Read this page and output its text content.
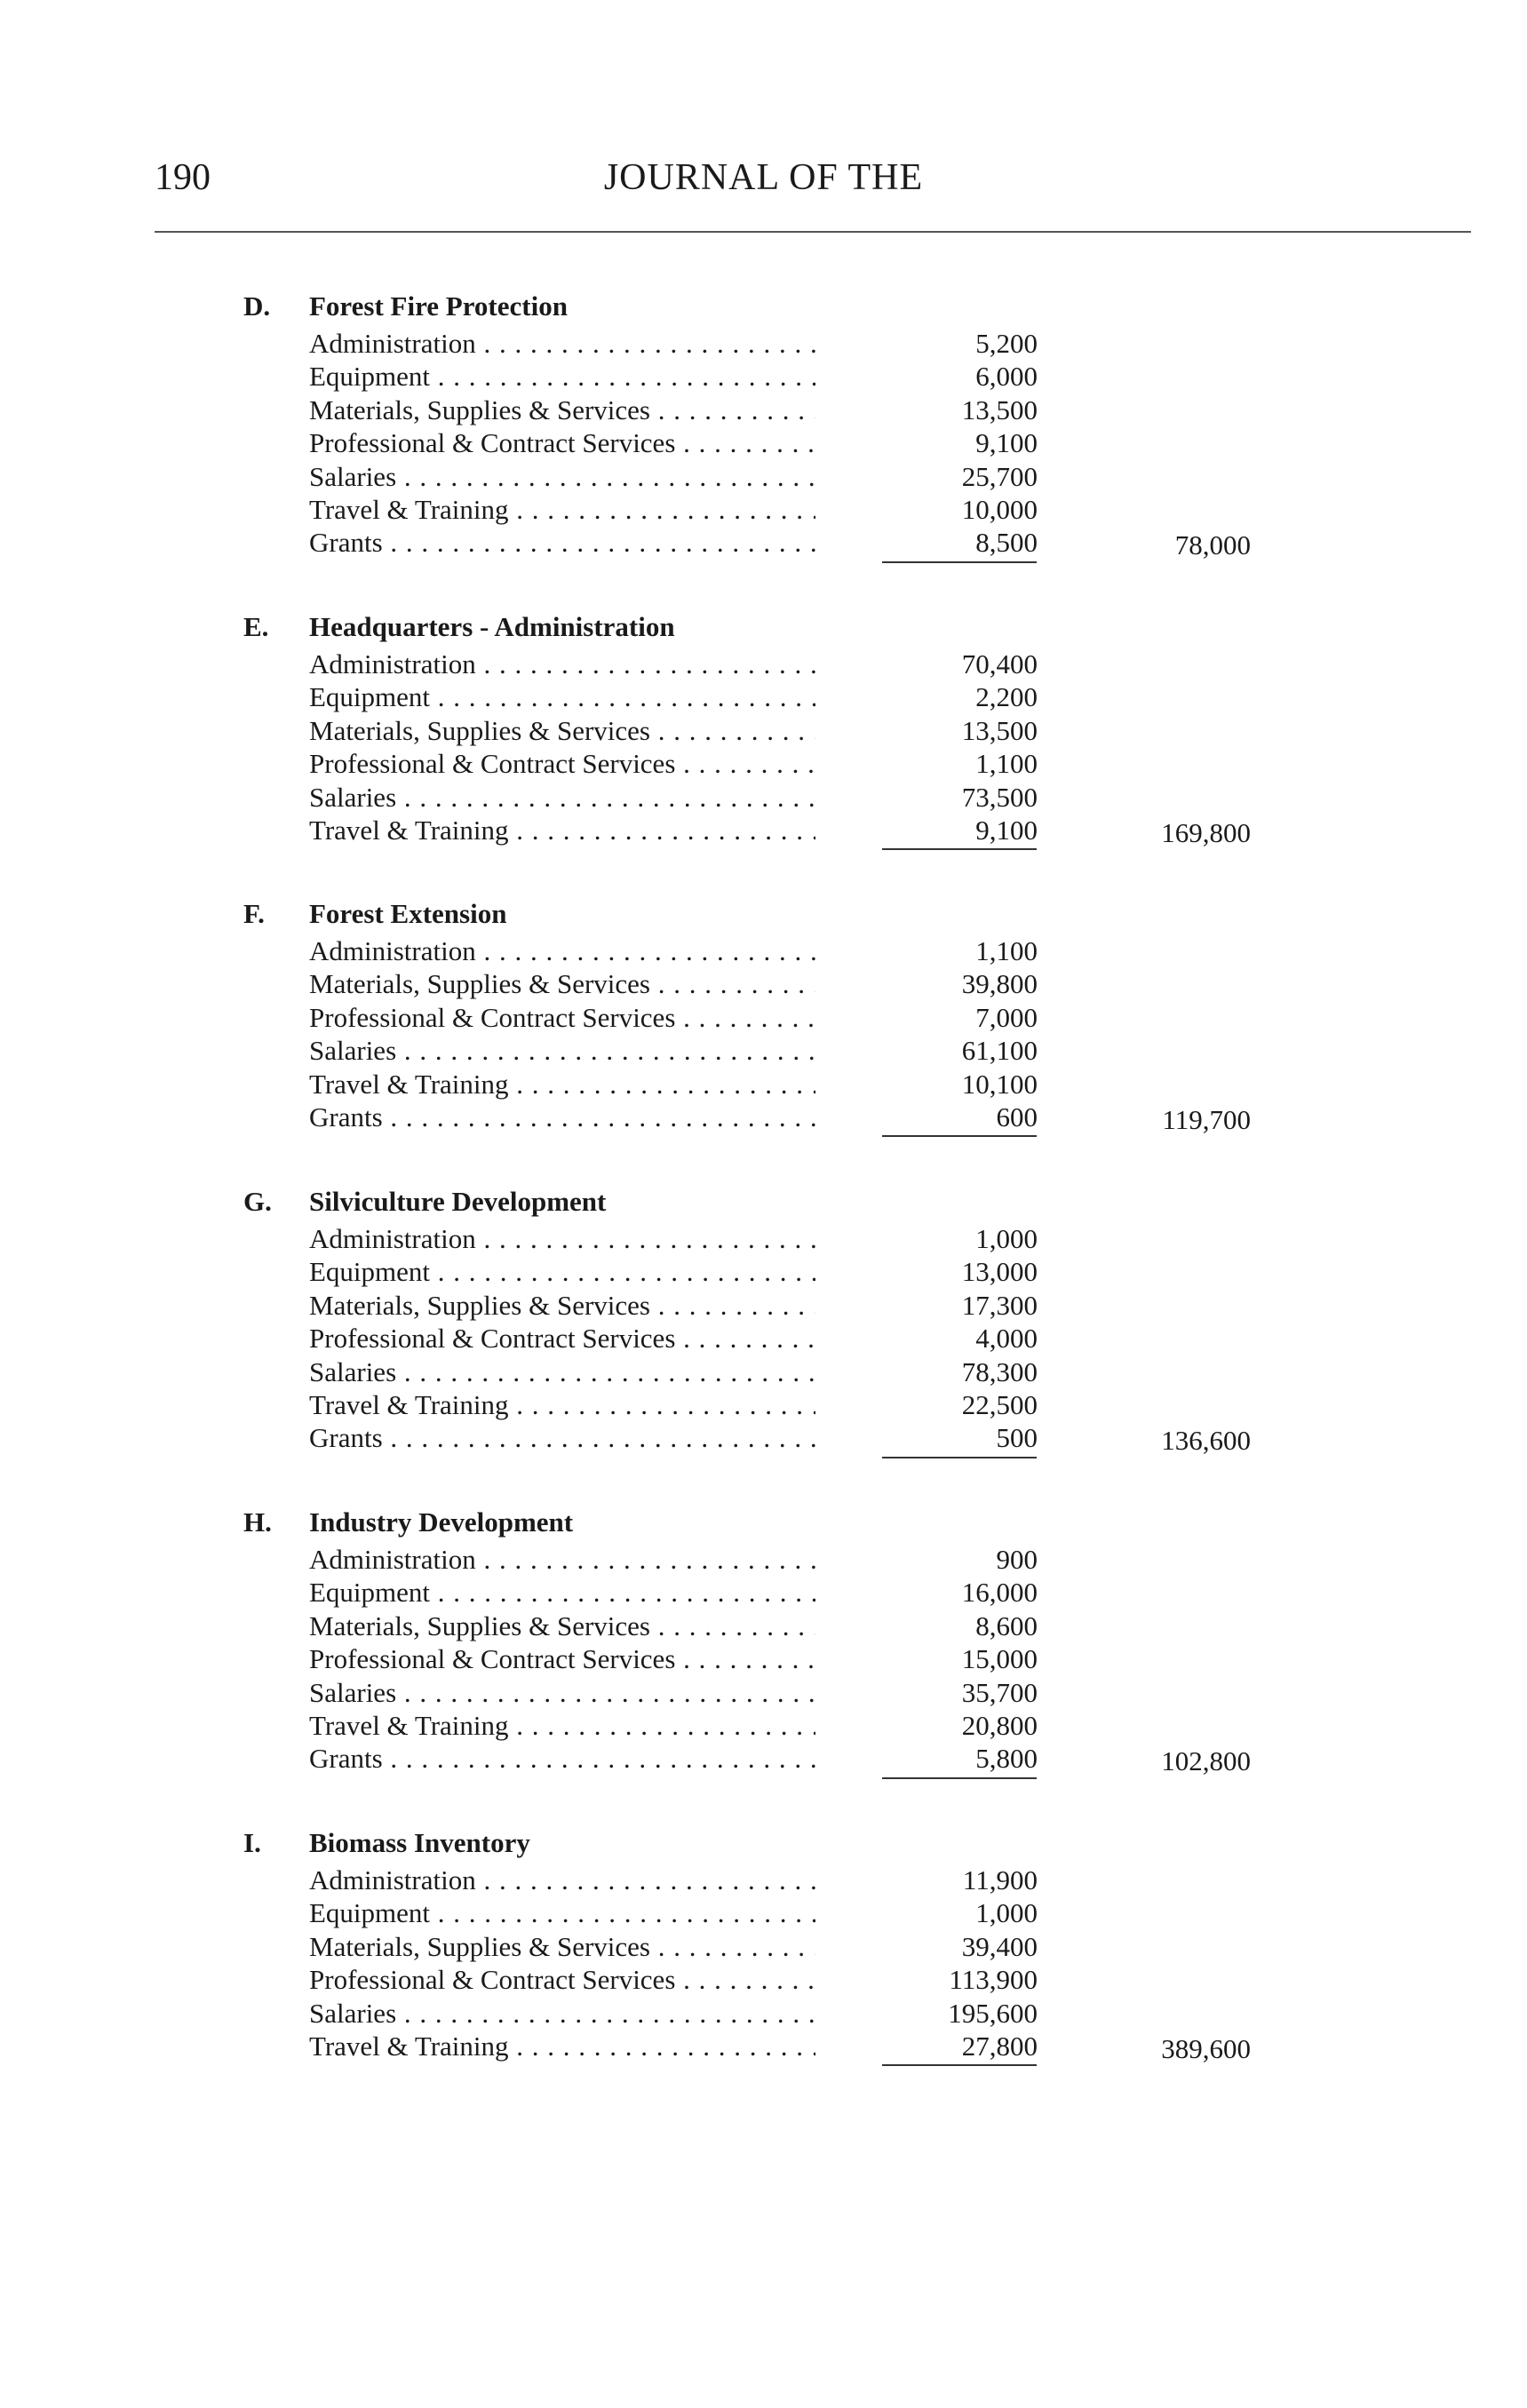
190	JOURNAL OF THE
D. Forest Fire Protection
Administration . . .	5,200
Equipment . . .	6,000
Materials, Supplies & Services . . .	13,500
Professional & Contract Services . . .	9,100
Salaries . . .	25,700
Travel & Training . . .	10,000
Grants . . .	8,500	78,000
E. Headquarters - Administration
Administration . . .	70,400
Equipment . . .	2,200
Materials, Supplies & Services . . .	13,500
Professional & Contract Services . . .	1,100
Salaries . . .	73,500
Travel & Training . . .	9,100	169,800
F. Forest Extension
Administration . . .	1,100
Materials, Supplies & Services . . .	39,800
Professional & Contract Services . . .	7,000
Salaries . . .	61,100
Travel & Training . . .	10,100
Grants . . .	600	119,700
G. Silviculture Development
Administration . . .	1,000
Equipment . . .	13,000
Materials, Supplies & Services . . .	17,300
Professional & Contract Services . . .	4,000
Salaries . . .	78,300
Travel & Training . . .	22,500
Grants . . .	500	136,600
H. Industry Development
Administration . . .	900
Equipment . . .	16,000
Materials, Supplies & Services . . .	8,600
Professional & Contract Services . . .	15,000
Salaries . . .	35,700
Travel & Training . . .	20,800
Grants . . .	5,800	102,800
I. Biomass Inventory
Administration . . .	11,900
Equipment . . .	1,000
Materials, Supplies & Services . . .	39,400
Professional & Contract Services . . .	113,900
Salaries . . .	195,600
Travel & Training . . .	27,800	389,600
